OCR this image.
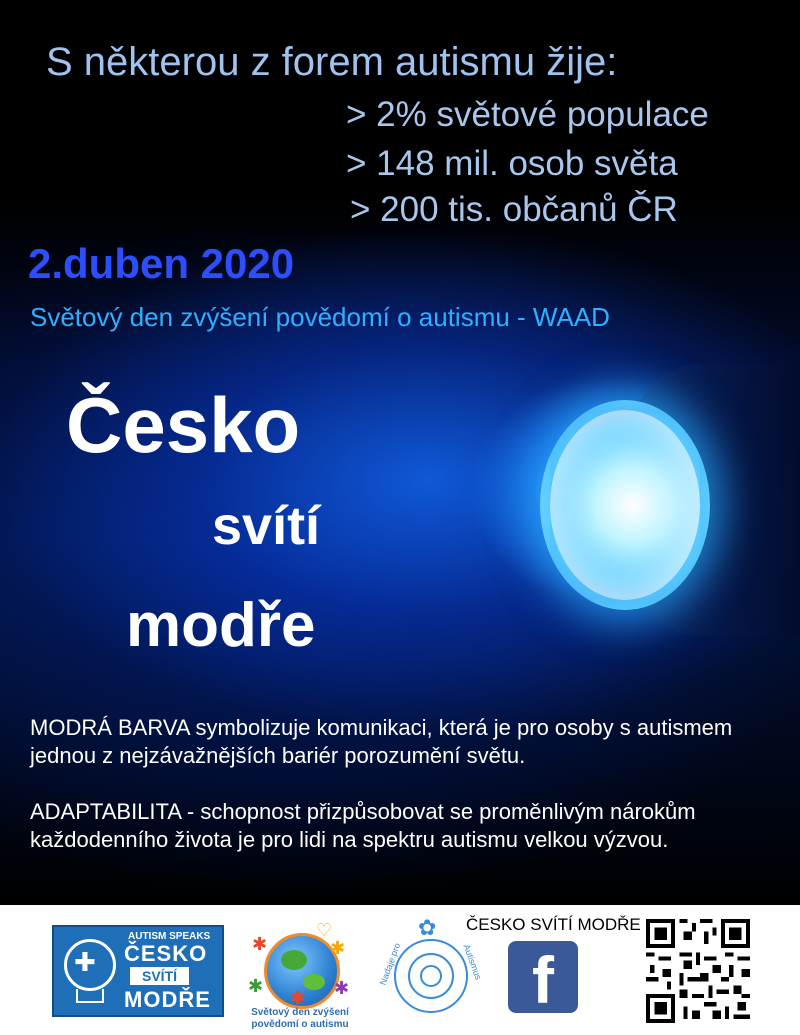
S některou z forem autismu žije:

> 2% světové populace

> 148 mil. osob světa

> 200 tis. občanů ČR

2.duben 2020

Světový den zvýšení povědomí o autismu - WAAD

Česko

svítí

modře

MODRÁ BARVA symbolizuje komunikaci, která je pro osoby s autismem jednou z nejzávažnějších bariér porozumění světu.

ADAPTABILITA - schopnost přizpůsobovat se proměnlivým nárokům každodenního života je pro lidi na spektru autismu velkou výzvou.

✚
AUTISM SPEAKS
ČESKO
SVÍTÍ
MODŘE
✱	✱
✱	✱
✱
♡
Světový den zvýšení
povědomí o autismu
✿
Nadaje pro	Autismus
ČESKO SVÍTÍ MODŘE
f
